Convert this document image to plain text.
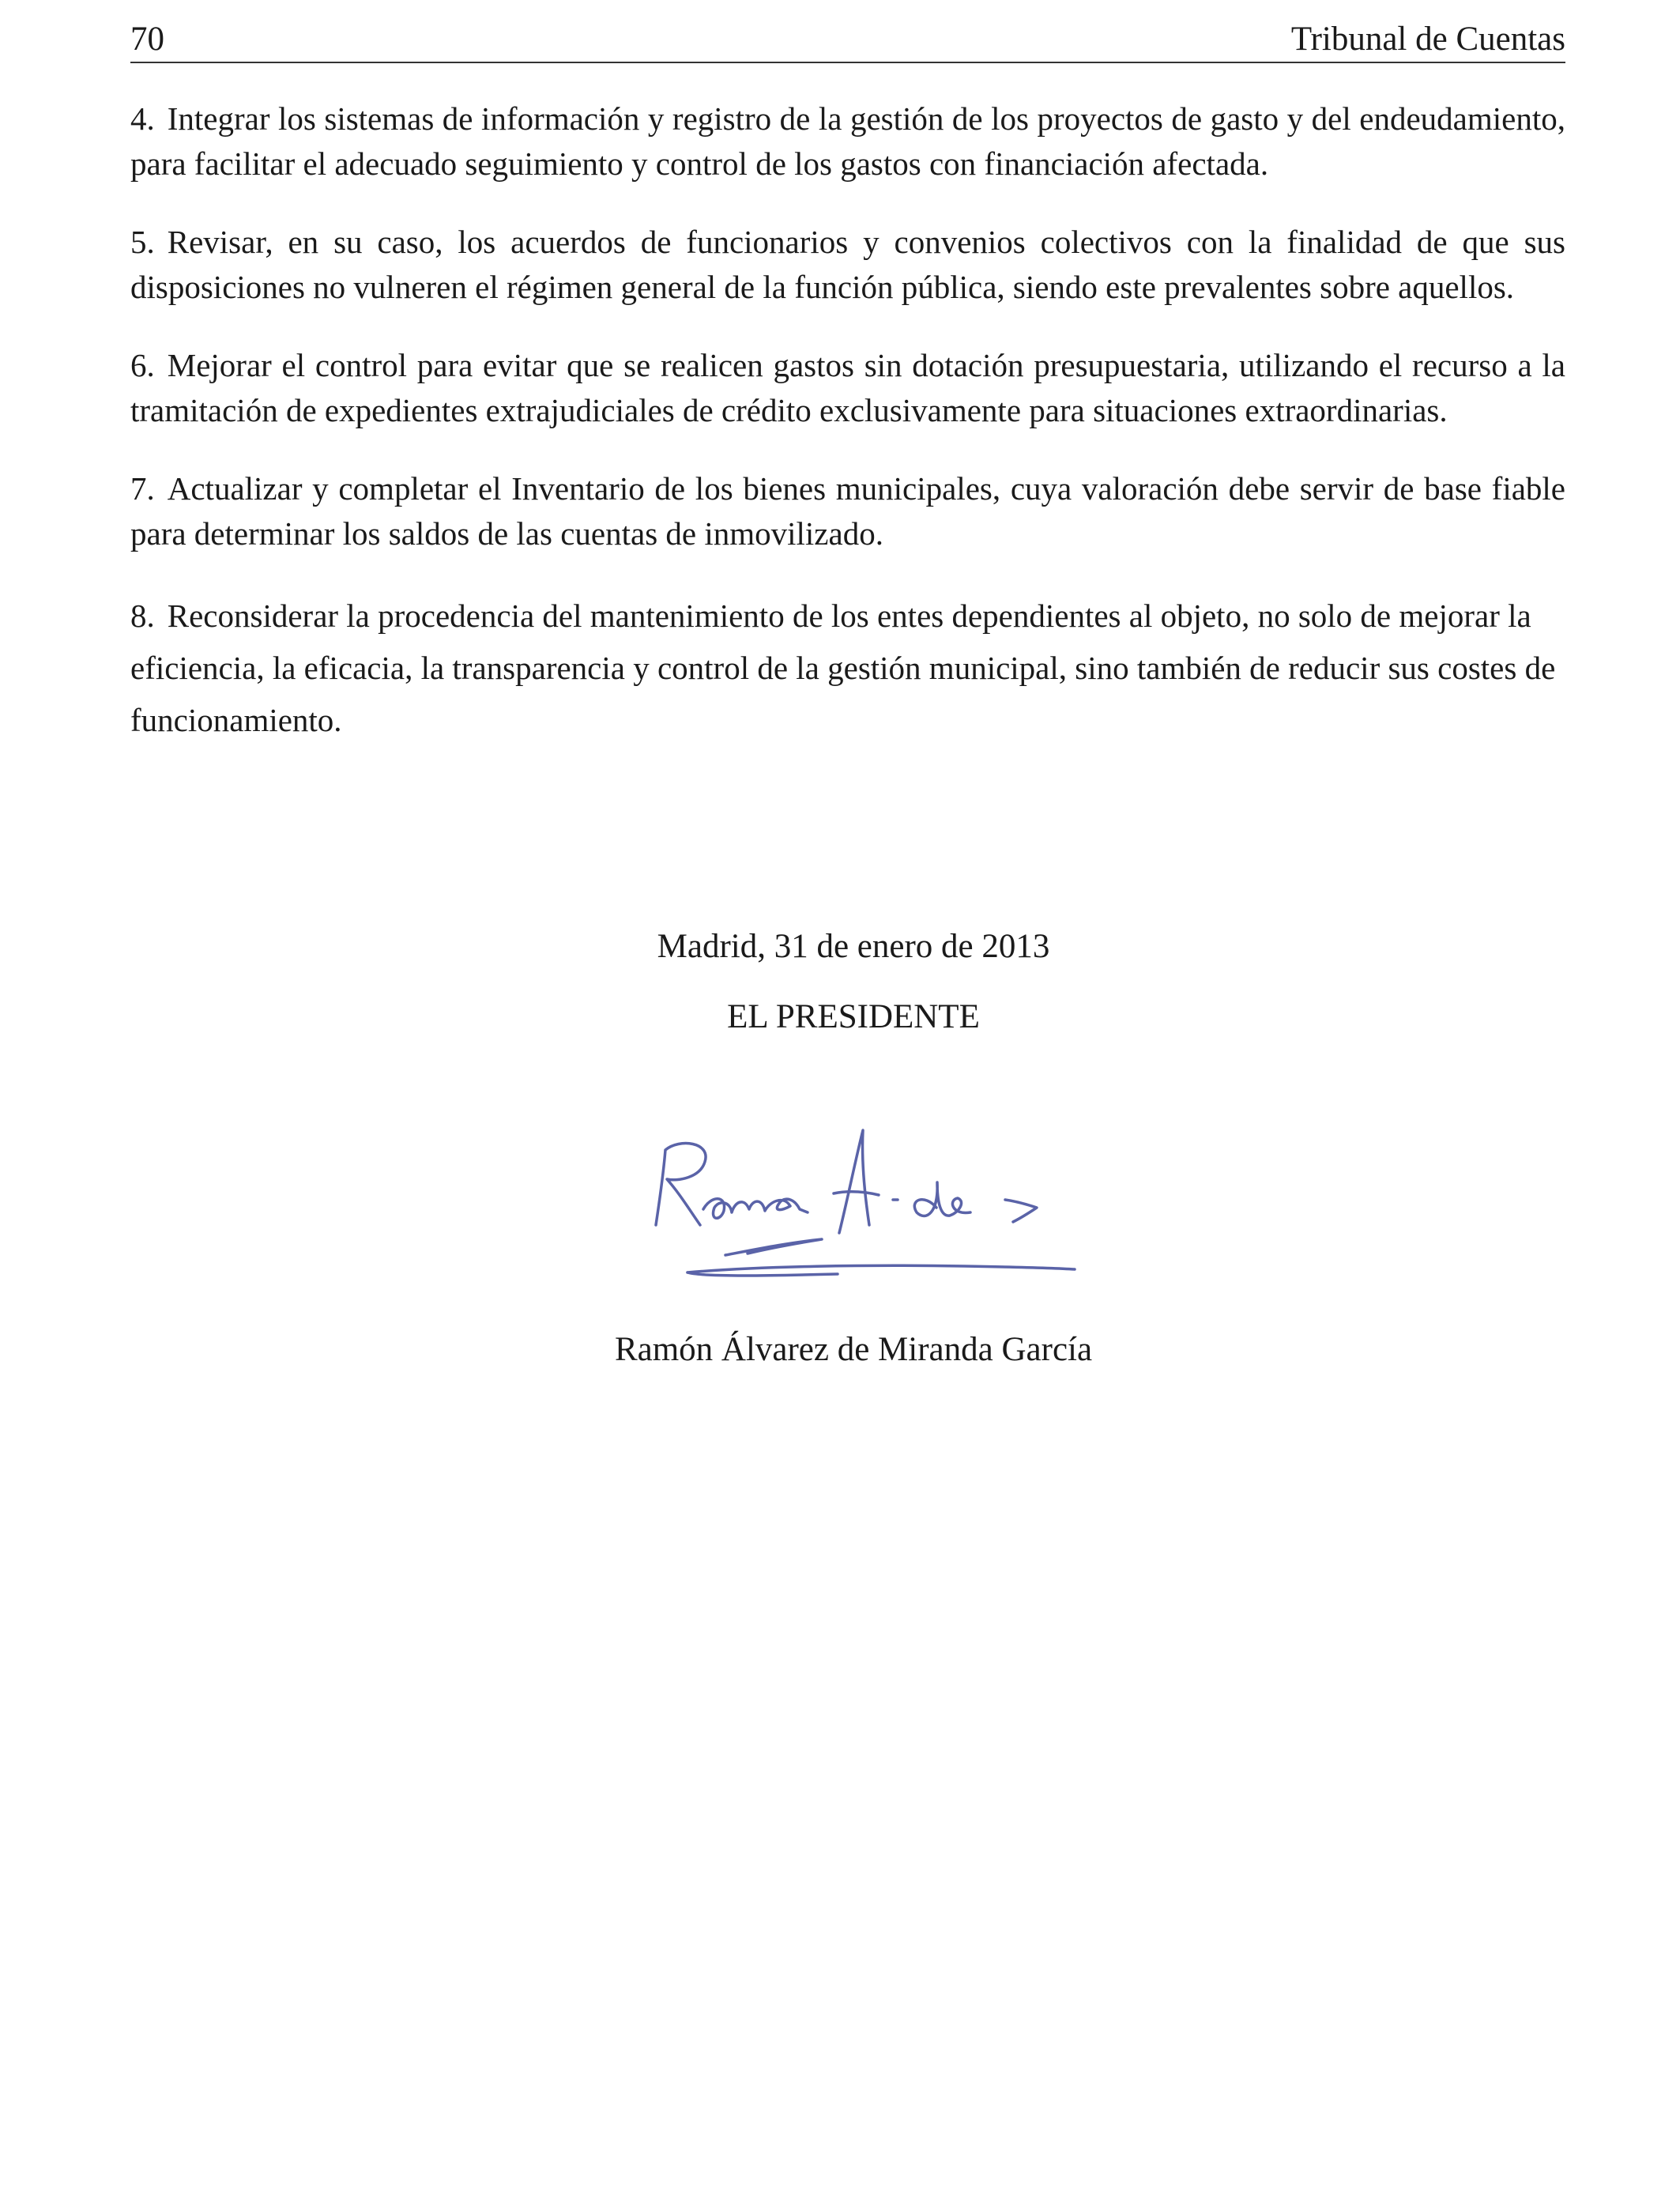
70	Tribunal de Cuentas

4. Integrar los sistemas de información y registro de la gestión de los proyectos de gasto y del endeudamiento, para facilitar el adecuado seguimiento y control de los gastos con financiación afectada.

5. Revisar, en su caso, los acuerdos de funcionarios y convenios colectivos con la finalidad de que sus disposiciones no vulneren el régimen general de la función pública, siendo este prevalentes sobre aquellos.

6. Mejorar el control para evitar que se realicen gastos sin dotación presupuestaria, utilizando el recurso a la tramitación de expedientes extrajudiciales de crédito exclusivamente para situaciones extraordinarias.

7. Actualizar y completar el Inventario de los bienes municipales, cuya valoración debe servir de base fiable para determinar los saldos de las cuentas de inmovilizado.

8. Reconsiderar la procedencia del mantenimiento de los entes dependientes al objeto, no solo de mejorar la eficiencia, la eficacia, la transparencia y control de la gestión municipal, sino también de reducir sus costes de funcionamiento.

Madrid, 31 de enero de 2013
EL PRESIDENTE
Ramón Álvarez de Miranda García
